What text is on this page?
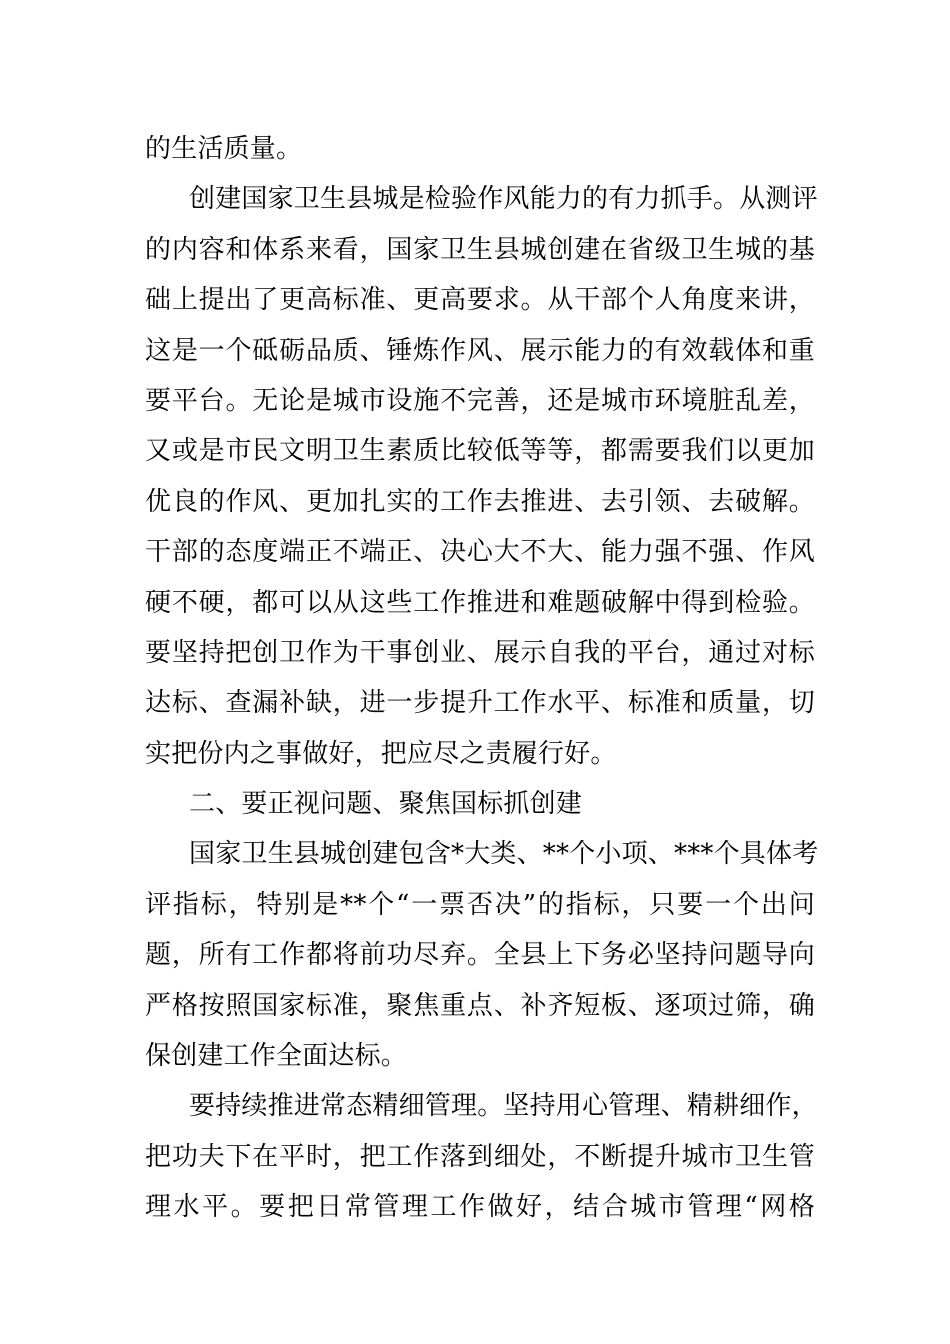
的生活质量。
创建国家卫生县城是检验作风能力的有力抓手。从测评
的内容和体系来看，国家卫生县城创建在省级卫生城的基
础上提出了更高标准、更高要求。从干部个人角度来讲，
这是一个砥砺品质、锤炼作风、展示能力的有效载体和重
要平台。无论是城市设施不完善，还是城市环境脏乱差，
又或是市民文明卫生素质比较低等等，都需要我们以更加
优良的作风、更加扎实的工作去推进、去引领、去破解。
干部的态度端正不端正、决心大不大、能力强不强、作风
硬不硬，都可以从这些工作推进和难题破解中得到检验。
要坚持把创卫作为干事创业、展示自我的平台，通过对标
达标、查漏补缺，进一步提升工作水平、标准和质量，切
实把份内之事做好，把应尽之责履行好。
二、要正视问题、聚焦国标抓创建
国家卫生县城创建包含*大类、**个小项、***个具体考
评指标，特别是**个“一票否决”的指标，只要一个出问
题，所有工作都将前功尽弃。全县上下务必坚持问题导向
严格按照国家标准，聚焦重点、补齐短板、逐项过筛，确
保创建工作全面达标。
要持续推进常态精细管理。坚持用心管理、精耕细作，
把功夫下在平时，把工作落到细处，不断提升城市卫生管
理水平。要把日常管理工作做好，结合城市管理“网格
